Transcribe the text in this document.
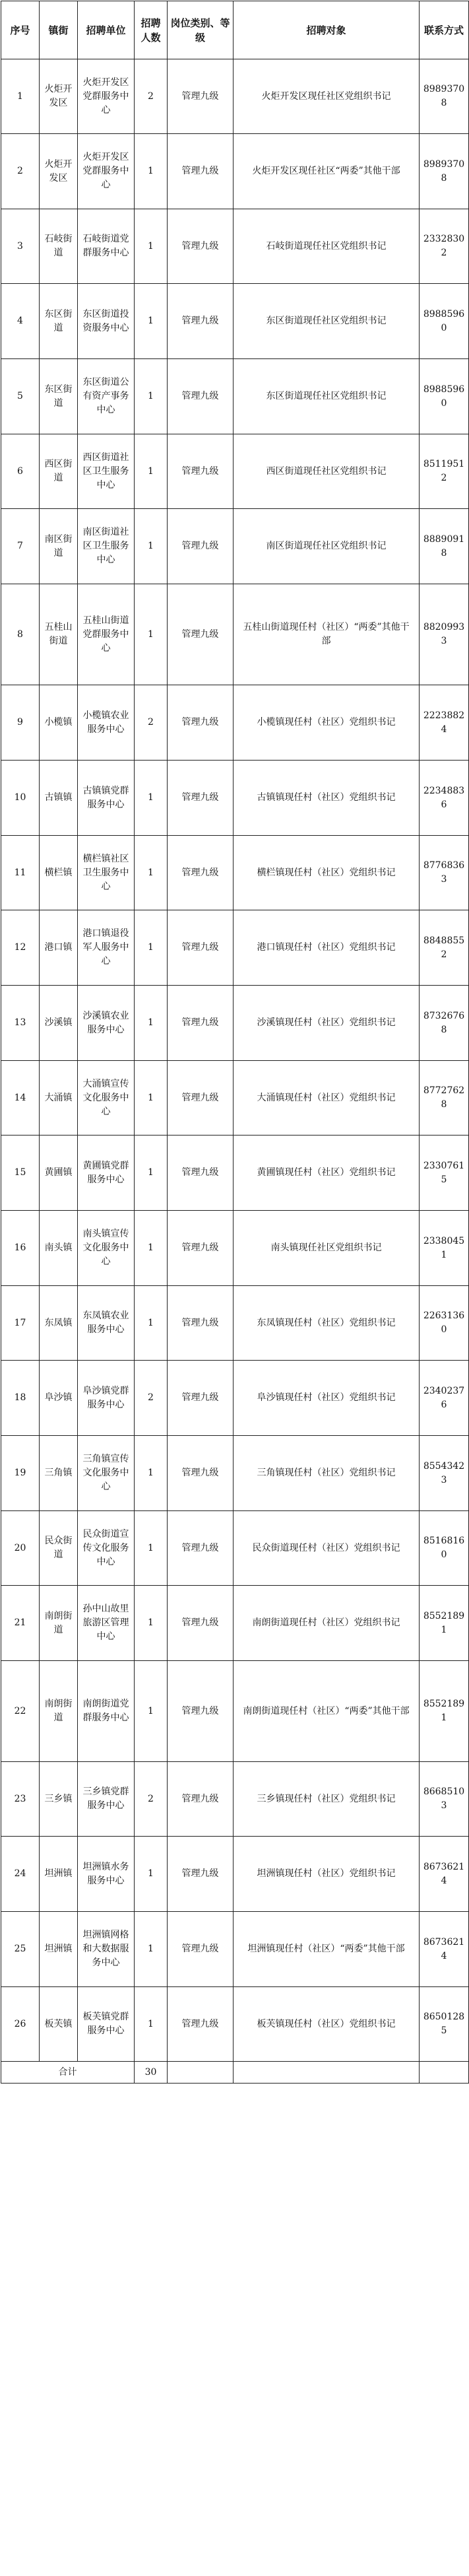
序号	镇街	招聘单位	招聘人数	岗位类别、等级	招聘对象	联系方式
1	火炬开发区	火炬开发区党群服务中心	2	管理九级	火炬开发区现任社区党组织书记	89893708
2	火炬开发区	火炬开发区党群服务中心	1	管理九级	火炬开发区现任社区“两委”其他干部	89893708
3	石岐街道	石岐街道党群服务中心	1	管理九级	石岐街道现任社区党组织书记	23328302
4	东区街道	东区街道投资服务中心	1	管理九级	东区街道现任社区党组织书记	89885960
5	东区街道	东区街道公有资产事务中心	1	管理九级	东区街道现任社区党组织书记	89885960
6	西区街道	西区街道社区卫生服务中心	1	管理九级	西区街道现任社区党组织书记	85119512
7	南区街道	南区街道社区卫生服务中心	1	管理九级	南区街道现任社区党组织书记	88890918
8	五桂山街道	五桂山街道党群服务中心	1	管理九级	五桂山街道现任村（社区）“两委”其他干部	88209933
9	小榄镇	小榄镇农业服务中心	2	管理九级	小榄镇现任村（社区）党组织书记	22238824
10	古镇镇	古镇镇党群服务中心	1	管理九级	古镇镇现任村（社区）党组织书记	22348836
11	横栏镇	横栏镇社区卫生服务中心	1	管理九级	横栏镇现任村（社区）党组织书记	87768363
12	港口镇	港口镇退役军人服务中心	1	管理九级	港口镇现任村（社区）党组织书记	88488552
13	沙溪镇	沙溪镇农业服务中心	1	管理九级	沙溪镇现任村（社区）党组织书记	87326768
14	大涌镇	大涌镇宣传文化服务中心	1	管理九级	大涌镇现任村（社区）党组织书记	87727628
15	黄圃镇	黄圃镇党群服务中心	1	管理九级	黄圃镇现任村（社区）党组织书记	23307615
16	南头镇	南头镇宣传文化服务中心	1	管理九级	南头镇现任社区党组织书记	23380451
17	东凤镇	东凤镇农业服务中心	1	管理九级	东凤镇现任村（社区）党组织书记	22631360
18	阜沙镇	阜沙镇党群服务中心	2	管理九级	阜沙镇现任村（社区）党组织书记	23402376
19	三角镇	三角镇宣传文化服务中心	1	管理九级	三角镇现任村（社区）党组织书记	85543423
20	民众街道	民众街道宣传文化服务中心	1	管理九级	民众街道现任村（社区）党组织书记	85168160
21	南朗街道	孙中山故里旅游区管理中心	1	管理九级	南朗街道现任村（社区）党组织书记	85521891
22	南朗街道	南朗街道党群服务中心	1	管理九级	南朗街道现任村（社区）“两委”其他干部	85521891
23	三乡镇	三乡镇党群服务中心	2	管理九级	三乡镇现任村（社区）党组织书记	86685103
24	坦洲镇	坦洲镇水务服务中心	1	管理九级	坦洲镇现任村（社区）党组织书记	86736214
25	坦洲镇	坦洲镇网格和大数据服务中心	1	管理九级	坦洲镇现任村（社区）“两委”其他干部	86736214
26	板芙镇	板芙镇党群服务中心	1	管理九级	板芙镇现任村（社区）党组织书记	86501285
合计			30			
